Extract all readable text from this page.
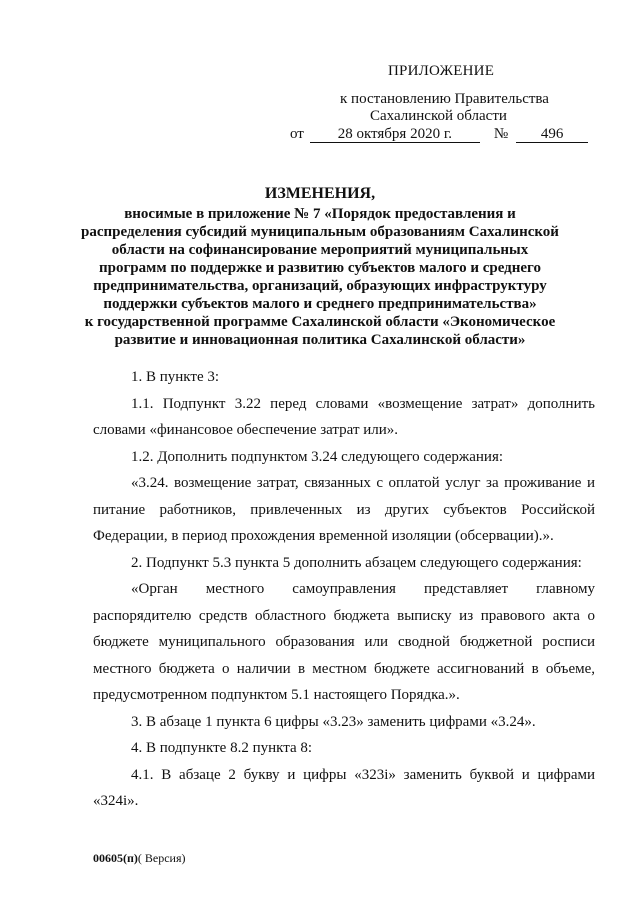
ПРИЛОЖЕНИЕ
к постановлению Правительства
Сахалинской области
от 28 октября 2020 г.	№ 496
ИЗМЕНЕНИЯ,
вносимые в приложение № 7 «Порядок предоставления и
распределения субсидий муниципальным образованиям Сахалинской
области на софинансирование мероприятий муниципальных
программ по поддержке и развитию субъектов малого и среднего
предпринимательства, организаций, образующих инфраструктуру
поддержки субъектов малого и среднего предпринимательства»
к государственной программе Сахалинской области «Экономическое
развитие и инновационная политика Сахалинской области»

1. В пункте 3:

1.1. Подпункт 3.22 перед словами «возмещение затрат» дополнить словами «финансовое обеспечение затрат или».

1.2. Дополнить подпунктом 3.24 следующего содержания:

«3.24. возмещение затрат, связанных с оплатой услуг за проживание и питание работников, привлеченных из других субъектов Российской Федерации, в период прохождения временной изоляции (обсервации).».

2. Подпункт 5.3 пункта 5 дополнить абзацем следующего содержания:

«Орган местного самоуправления представляет главному распорядителю средств областного бюджета выписку из правового акта о бюджете муниципального образования или сводной бюджетной росписи местного бюджета о наличии в местном бюджете ассигнований в объеме, предусмотренном подпунктом 5.1 настоящего Порядка.».

3. В абзаце 1 пункта 6 цифры «3.23» заменить цифрами «3.24».

4. В подпункте 8.2 пункта 8:

4.1. В абзаце 2 букву и цифры «323i» заменить буквой и цифрами «324i».

00605(п)( Версия)
